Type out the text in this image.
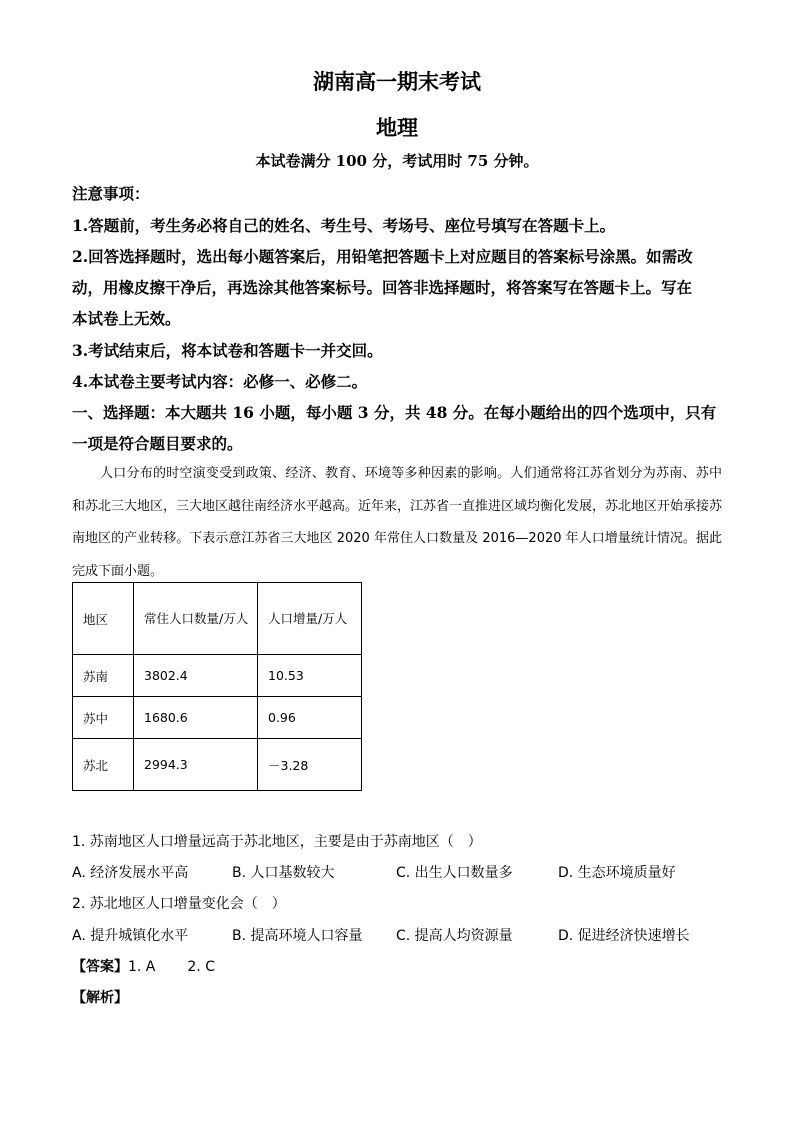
湖南高一期末考试
地理
本试卷满分 100 分，考试用时 75 分钟。
注意事项：
1.答题前，考生务必将自己的姓名、考生号、考场号、座位号填写在答题卡上。
2.回答选择题时，选出每小题答案后，用铅笔把答题卡上对应题目的答案标号涂黑。如需改
动，用橡皮擦干净后，再选涂其他答案标号。回答非选择题时，将答案写在答题卡上。写在
本试卷上无效。
3.考试结束后，将本试卷和答题卡一并交回。
4.本试卷主要考试内容：必修一、必修二。
一、选择题：本大题共 16 小题，每小题 3 分，共 48 分。在每小题给出的四个选项中，只有
一项是符合题目要求的。
人口分布的时空演变受到政策、经济、教育、环境等多种因素的影响。人们通常将江苏省划分为苏南、苏中和苏北三大地区，三大地区越往南经济水平越高。近年来，江苏省一直推进区域均衡化发展，苏北地区开始承接苏南地区的产业转移。下表示意江苏省三大地区 2020 年常住人口数量及 2016—2020 年人口增量统计情况。据此完成下面小题。
地区	常住人口数量/万人	人口增量/万人
苏南	3802.4	10.53
苏中	1680.6	0.96
苏北	2994.3	－3.28
1. 苏南地区人口增量远高于苏北地区，主要是由于苏南地区（　）
A. 经济发展水平高	B. 人口基数较大	C. 出生人口数量多	D. 生态环境质量好
2. 苏北地区人口增量变化会（　）
A. 提升城镇化水平	B. 提高环境人口容量 C. 提高人均资源量	D. 促进经济快速增长
【答案】1. A 2. C
【解析】
